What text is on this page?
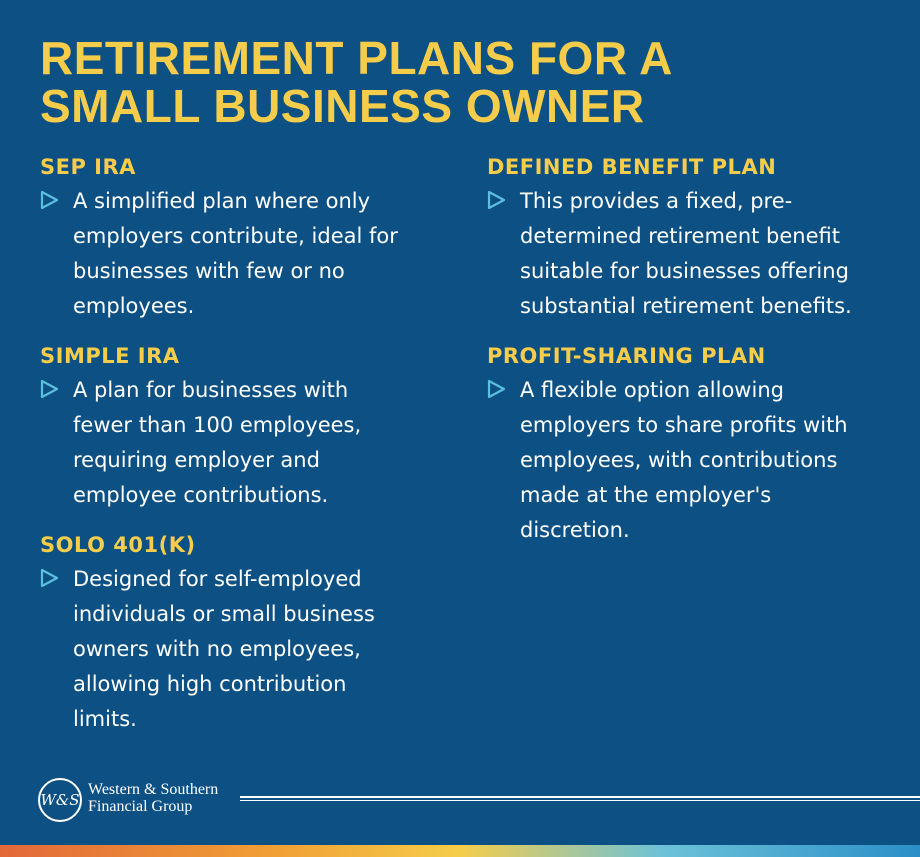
RETIREMENT PLANS FOR A
SMALL BUSINESS OWNER
SEP IRA
A simplified plan where only
employers contribute, ideal for
businesses with few or no
employees.
SIMPLE IRA
A plan for businesses with
fewer than 100 employees,
requiring employer and
employee contributions.
SOLO 401(K)
Designed for self-employed
individuals or small business
owners with no employees,
allowing high contribution
limits.
DEFINED BENEFIT PLAN
This provides a fixed, pre-
determined retirement benefit
suitable for businesses offering
substantial retirement benefits.
PROFIT-SHARING PLAN
A flexible option allowing
employers to share profits with
employees, with contributions
made at the employer's
discretion.
W&S
Western & Southern
Financial Group
